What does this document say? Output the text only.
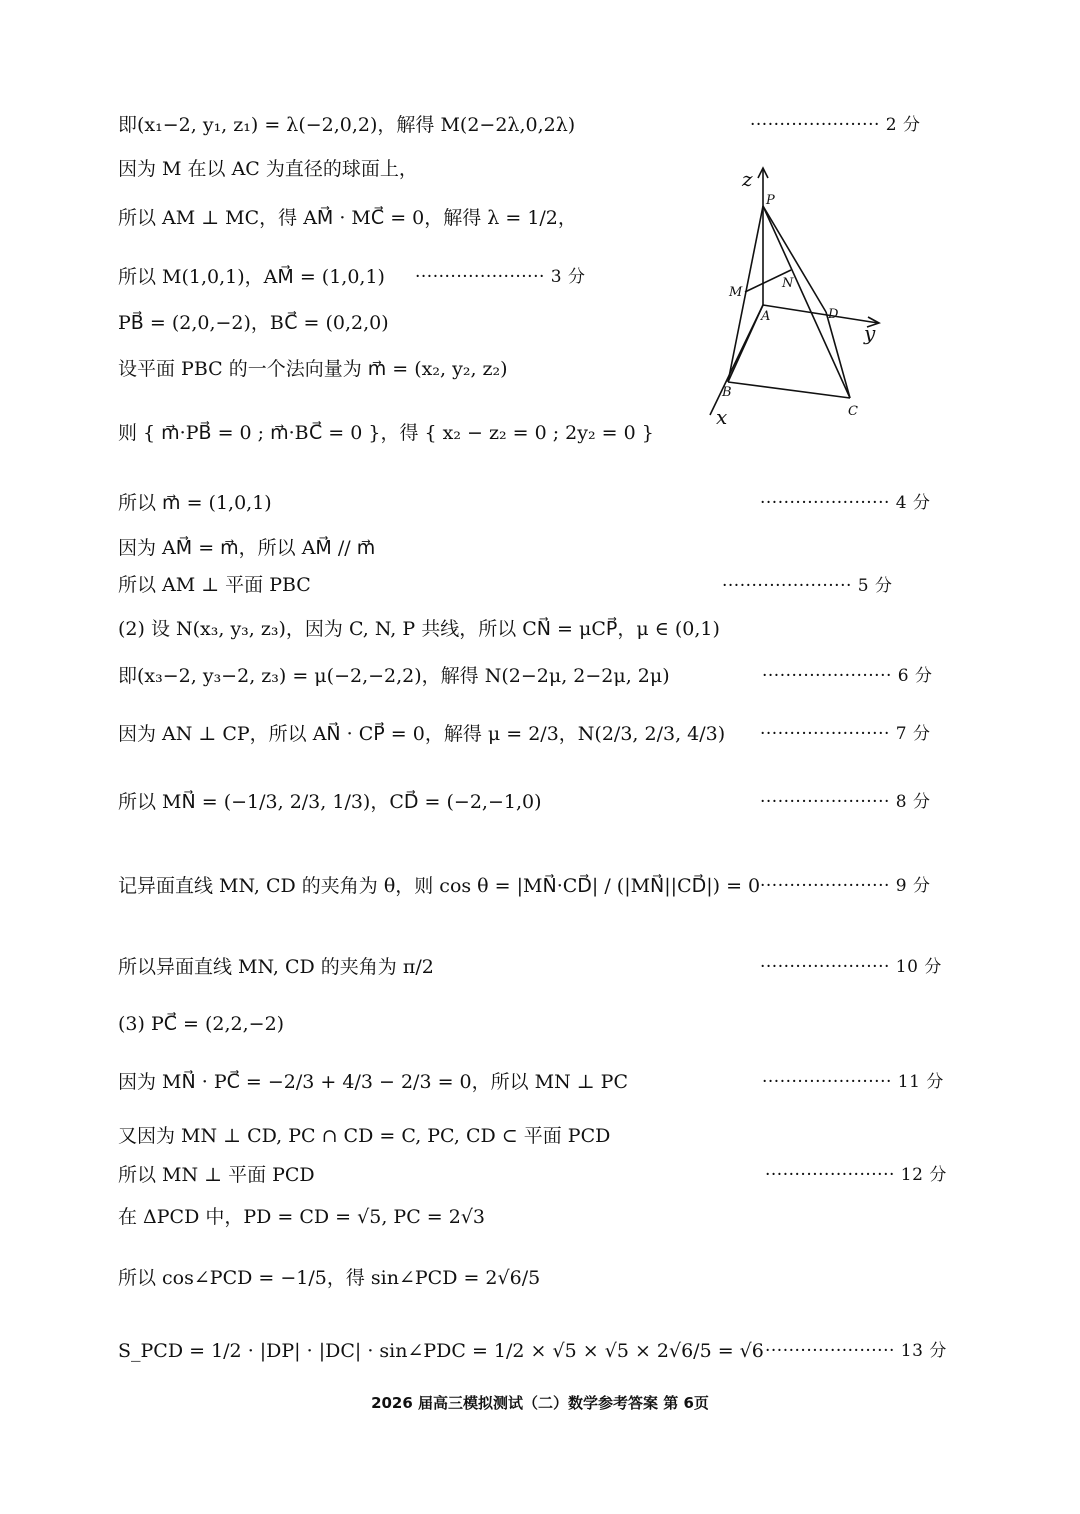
即(x₁−2, y₁, z₁) = λ(−2,0,2)，解得 M(2−2λ,0,2λ)
因为 M 在以 AC 为直径的球面上，
所以 AM ⊥ MC，得 AM⃗ · MC⃗ = 0，解得 λ = 1/2，
所以 M(1,0,1)，AM⃗ = (1,0,1)
PB⃗ = (2,0,−2)，BC⃗ = (0,2,0)
设平面 PBC 的一个法向量为 m⃗ = (x₂, y₂, z₂)
则 { m⃗·PB⃗ = 0 ; m⃗·BC⃗ = 0 }，得 { x₂ − z₂ = 0 ; 2y₂ = 0 }
所以 m⃗ = (1,0,1)
因为 AM⃗ = m⃗，所以 AM⃗ // m⃗
所以 AM ⊥ 平面 PBC
(2) 设 N(x₃, y₃, z₃)，因为 C, N, P 共线，所以 CN⃗ = μCP⃗，μ ∈ (0,1)
即(x₃−2, y₃−2, z₃) = μ(−2,−2,2)，解得 N(2−2μ, 2−2μ, 2μ)
因为 AN ⊥ CP，所以 AN⃗ · CP⃗ = 0，解得 μ = 2/3，N(2/3, 2/3, 4/3)
所以 MN⃗ = (−1/3, 2/3, 1/3)，CD⃗ = (−2,−1,0)
记异面直线 MN, CD 的夹角为 θ，则 cos θ = |MN⃗·CD⃗| / (|MN⃗||CD⃗|) = 0
所以异面直线 MN, CD 的夹角为 π/2
(3) PC⃗ = (2,2,−2)
因为 MN⃗ · PC⃗ = −2/3 + 4/3 − 2/3 = 0，所以 MN ⊥ PC
又因为 MN ⊥ CD, PC ∩ CD = C, PC, CD ⊂ 平面 PCD
所以 MN ⊥ 平面 PCD
在 ΔPCD 中，PD = CD = √5, PC = 2√3
所以 cos∠PCD = −1/5，得 sin∠PCD = 2√6/5
S_PCD = 1/2 · |DP| · |DC| · sin∠PDC = 1/2 × √5 × √5 × 2√6/5 = √6
······················ 2 分
······················ 3 分
······················ 4 分
······················ 5 分
······················ 6 分
······················ 7 分
······················ 8 分
······················ 9 分
······················ 10 分
······················ 11 分
······················ 12 分
······················ 13 分
z
P
M
N
A	D
y
B
C
x
2026 届高三模拟测试（二）数学参考答案 第 6页
